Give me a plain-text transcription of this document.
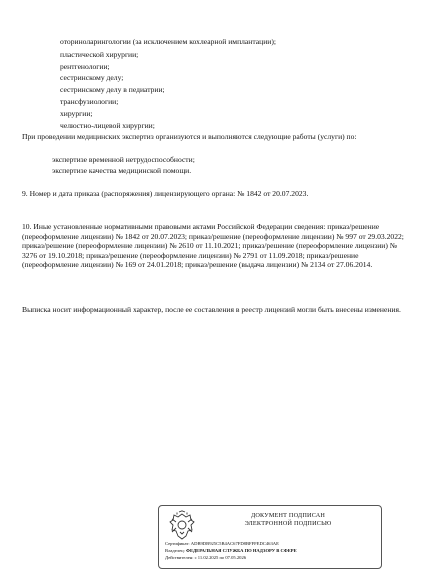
оториноларингологии (за исключением кохлеарной имплантации);
пластической хирургии;
рентгенологии;
сестринскому делу;
сестринскому делу в педиатрии;
трансфузиологии;
хирургии;
челюстно-лицевой хирургии;
При проведении медицинских экспертиз организуются и выполняются следующие работы (услуги) по:
экспертизе временной нетрудоспособности;
экспертизе качества медицинской помощи.
9. Номер и дата приказа (распоряжения) лицензирующего органа: № 1842 от 20.07.2023.
10. Иные установленные нормативными правовыми актами Российской Федерации сведения: приказ/решение (переоформление лицензии) № 1842 от 20.07.2023; приказ/решение (переоформление лицензии) № 997 от 29.03.2022; приказ/решение (переоформление лицензии) № 2610 от 11.10.2021; приказ/решение (переоформление лицензии) № 3276 от 19.10.2018; приказ/решение (переоформление лицензии) № 2791 от 11.09.2018; приказ/решение (переоформление лицензии) № 169 от 24.01.2018; приказ/решение (выдача лицензии) № 2134 от 27.06.2014.
Выписка носит информационный характер, после ее составления в реестр лицензий могли быть внесены изменения.
ДОКУМЕНТ ПОДПИСАН
ЭЛЕКТРОННОЙ ПОДПИСЬЮ
Сертификат: ADB9DB925C5B4AC67FD8BFFFEDC463AE
Владелец: ФЕДЕРАЛЬНАЯ СЛУЖБА ПО НАДЗОРУ В СФЕРЕ
Действителен: с 11.02.2025 по 07.05.2026
